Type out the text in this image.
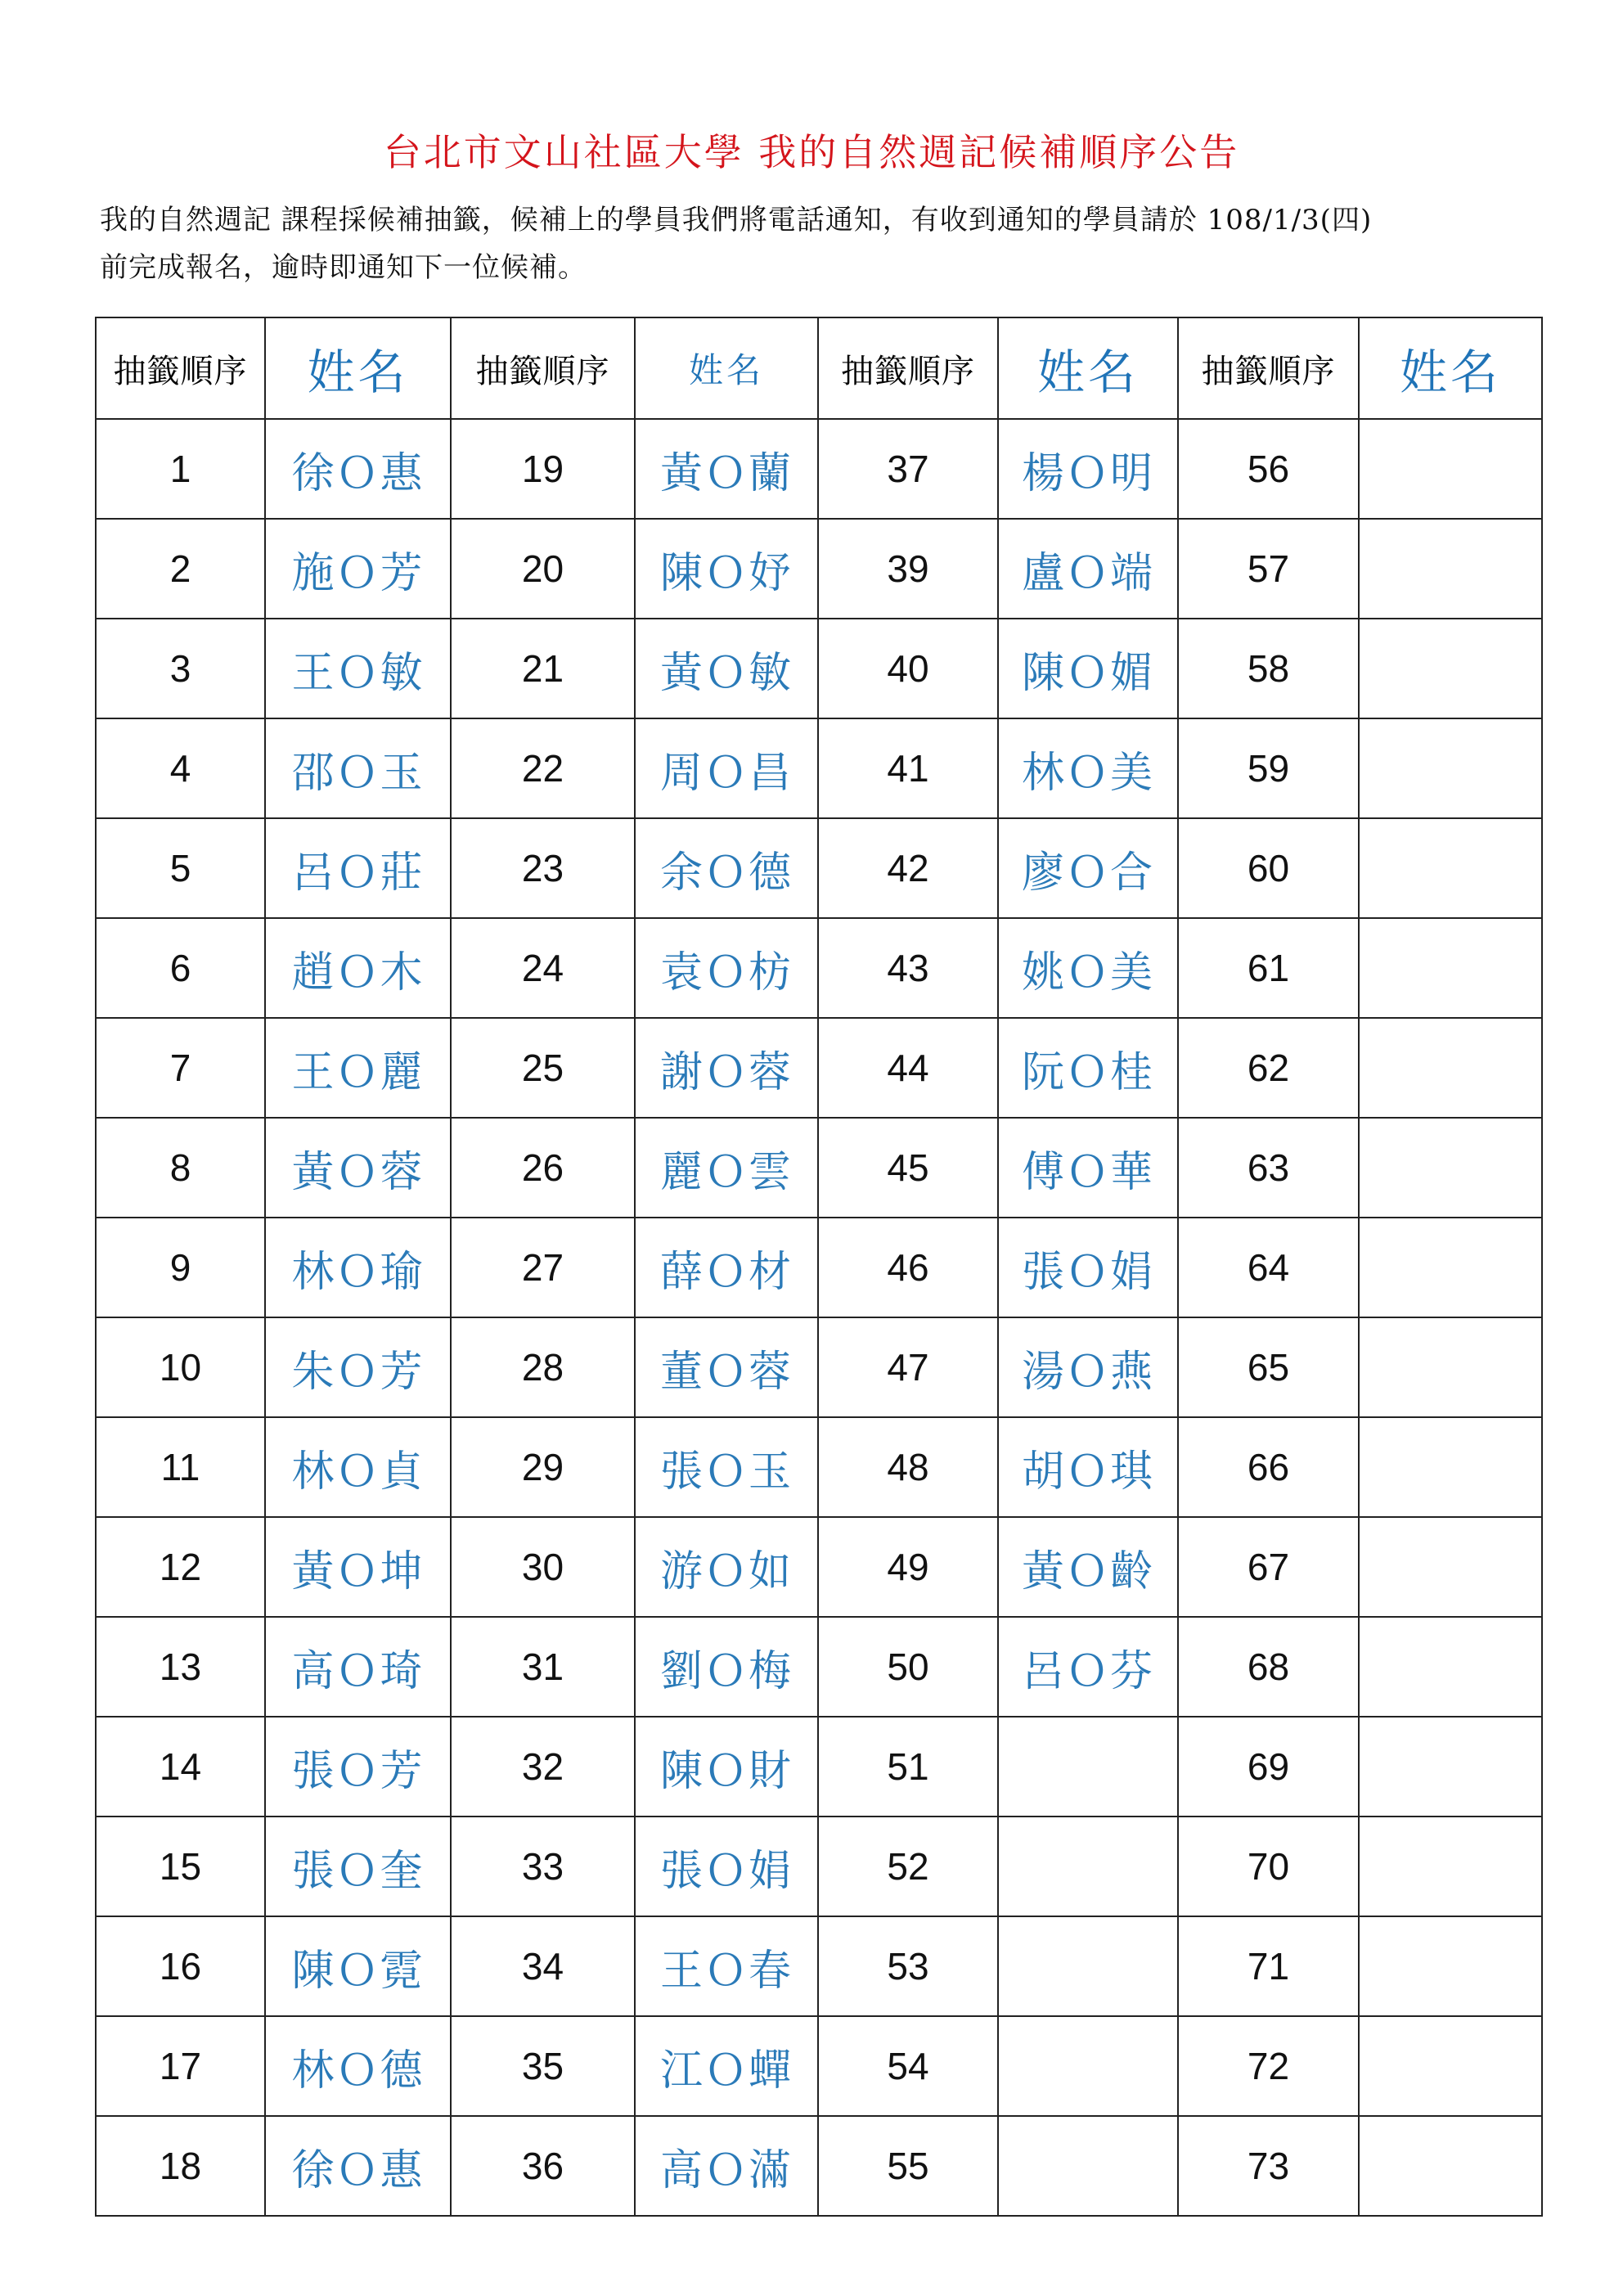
台北市文山社區大學 我的自然週記候補順序公告

我的自然週記 課程採候補抽籤，候補上的學員我們將電話通知，有收到通知的學員請於 108/1/3(四)

前完成報名，逾時即通知下一位候補。

抽籤順序	姓名	抽籤順序	姓名	抽籤順序	姓名	抽籤順序	姓名
1	徐Ｏ惠	19	黃Ｏ蘭	37	楊Ｏ明	56	
2	施Ｏ芳	20	陳Ｏ妤	39	盧Ｏ端	57	
3	王Ｏ敏	21	黃Ｏ敏	40	陳Ｏ媚	58	
4	邵Ｏ玉	22	周Ｏ昌	41	林Ｏ美	59	
5	呂Ｏ莊	23	余Ｏ德	42	廖Ｏ合	60	
6	趙Ｏ木	24	袁Ｏ枋	43	姚Ｏ美	61	
7	王Ｏ麗	25	謝Ｏ蓉	44	阮Ｏ桂	62	
8	黃Ｏ蓉	26	麗Ｏ雲	45	傅Ｏ華	63	
9	林Ｏ瑜	27	薛Ｏ材	46	張Ｏ娟	64	
10	朱Ｏ芳	28	董Ｏ蓉	47	湯Ｏ燕	65	
11	林Ｏ貞	29	張Ｏ玉	48	胡Ｏ琪	66	
12	黃Ｏ坤	30	游Ｏ如	49	黃Ｏ齡	67	
13	高Ｏ琦	31	劉Ｏ梅	50	呂Ｏ芬	68	
14	張Ｏ芳	32	陳Ｏ財	51		69	
15	張Ｏ奎	33	張Ｏ娟	52		70	
16	陳Ｏ霓	34	王Ｏ春	53		71	
17	林Ｏ德	35	江Ｏ蟬	54		72	
18	徐Ｏ惠	36	高Ｏ滿	55		73	
